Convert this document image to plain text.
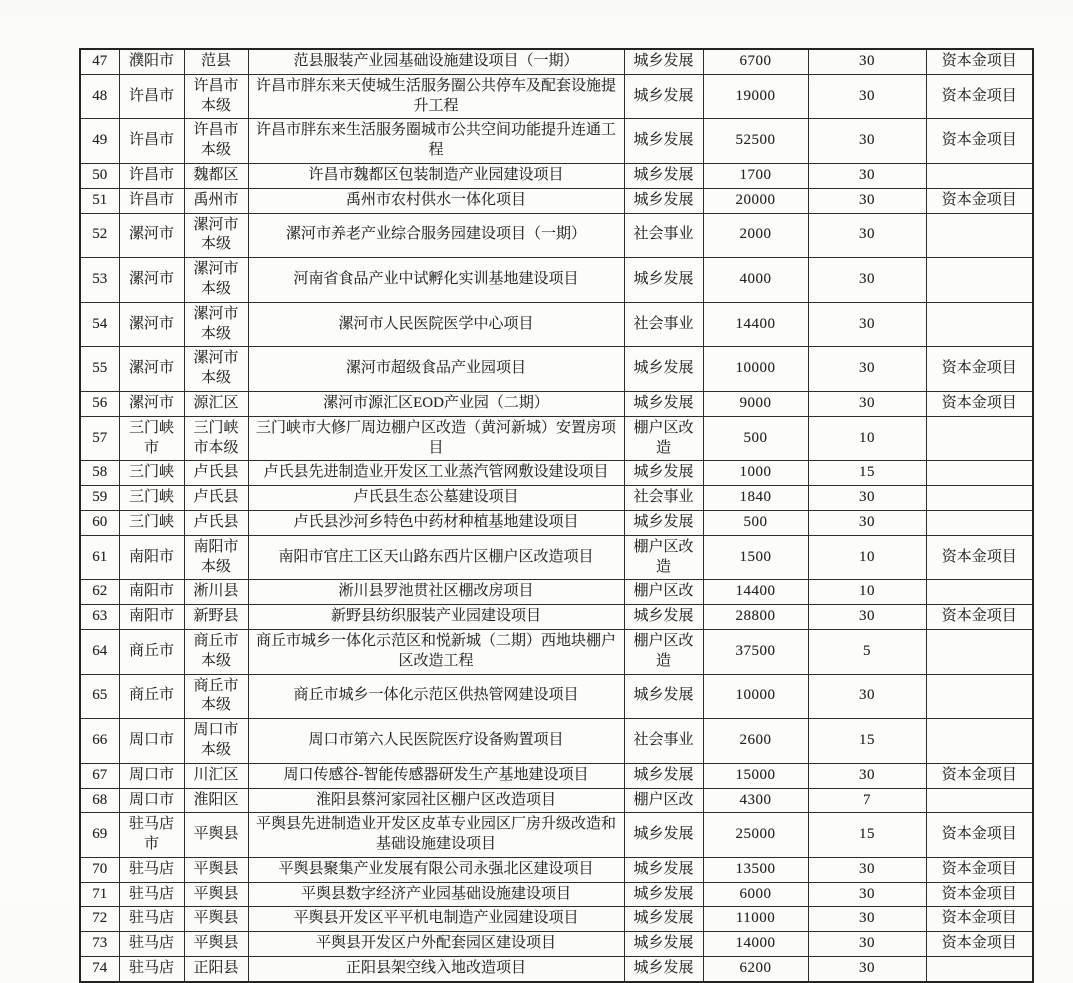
47	濮阳市	范县	范县服装产业园基础设施建设项目（一期）	城乡发展	6700	30	资本金项目
48	许昌市	许昌市本级	许昌市胖东来天使城生活服务圈公共停车及配套设施提升工程	城乡发展	19000	30	资本金项目
49	许昌市	许昌市本级	许昌市胖东来生活服务圈城市公共空间功能提升连通工程	城乡发展	52500	30	资本金项目
50	许昌市	魏都区	许昌市魏都区包装制造产业园建设项目	城乡发展	1700	30	
51	许昌市	禹州市	禹州市农村供水一体化项目	城乡发展	20000	30	资本金项目
52	漯河市	漯河市本级	漯河市养老产业综合服务园建设项目（一期）	社会事业	2000	30	
53	漯河市	漯河市本级	河南省食品产业中试孵化实训基地建设项目	城乡发展	4000	30	
54	漯河市	漯河市本级	漯河市人民医院医学中心项目	社会事业	14400	30	
55	漯河市	漯河市本级	漯河市超级食品产业园项目	城乡发展	10000	30	资本金项目
56	漯河市	源汇区	漯河市源汇区EOD产业园（二期）	城乡发展	9000	30	资本金项目
57	三门峡市	三门峡市本级	三门峡市大修厂周边棚户区改造（黄河新城）安置房项目	棚户区改造	500	10	
58	三门峡	卢氏县	卢氏县先进制造业开发区工业蒸汽管网敷设建设项目	城乡发展	1000	15	
59	三门峡	卢氏县	卢氏县生态公墓建设项目	社会事业	1840	30	
60	三门峡	卢氏县	卢氏县沙河乡特色中药材种植基地建设项目	城乡发展	500	30	
61	南阳市	南阳市本级	南阳市官庄工区天山路东西片区棚户区改造项目	棚户区改造	1500	10	资本金项目
62	南阳市	淅川县	淅川县罗池贯社区棚改房项目	棚户区改	14400	10	
63	南阳市	新野县	新野县纺织服装产业园建设项目	城乡发展	28800	30	资本金项目
64	商丘市	商丘市本级	商丘市城乡一体化示范区和悦新城（二期）西地块棚户区改造工程	棚户区改造	37500	5	
65	商丘市	商丘市本级	商丘市城乡一体化示范区供热管网建设项目	城乡发展	10000	30	
66	周口市	周口市本级	周口市第六人民医院医疗设备购置项目	社会事业	2600	15	
67	周口市	川汇区	周口传感谷-智能传感器研发生产基地建设项目	城乡发展	15000	30	资本金项目
68	周口市	淮阳区	淮阳县蔡河家园社区棚户区改造项目	棚户区改	4300	7	
69	驻马店市	平舆县	平舆县先进制造业开发区皮革专业园区厂房升级改造和基础设施建设项目	城乡发展	25000	15	资本金项目
70	驻马店	平舆县	平舆县聚集产业发展有限公司永强北区建设项目	城乡发展	13500	30	资本金项目
71	驻马店	平舆县	平舆县数字经济产业园基础设施建设项目	城乡发展	6000	30	资本金项目
72	驻马店	平舆县	平舆县开发区平平机电制造产业园建设项目	城乡发展	11000	30	资本金项目
73	驻马店	平舆县	平舆县开发区户外配套园区建设项目	城乡发展	14000	30	资本金项目
74	驻马店	正阳县	正阳县架空线入地改造项目	城乡发展	6200	30	
